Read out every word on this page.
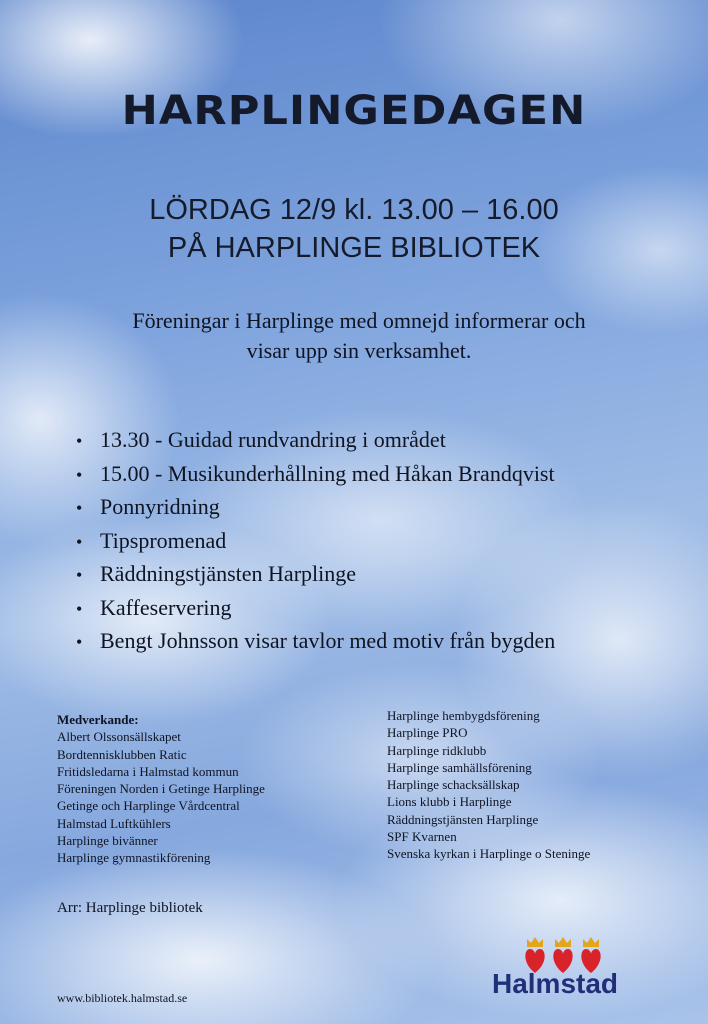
HARPLINGEDAGEN
LÖRDAG 12/9 kl. 13.00 – 16.00
PÅ HARPLINGE BIBLIOTEK
Föreningar i Harplinge med omnejd informerar och
visar upp sin verksamhet.
• 13.30 - Guidad rundvandring i området
• 15.00 - Musikunderhållning med Håkan Brandqvist
• Ponnyridning
• Tipspromenad
• Räddningstjänsten Harplinge
• Kaffeservering
• Bengt Johnsson visar tavlor med motiv från bygden
Medverkande:
Albert Olssonsällskapet
Bordtennisklubben Ratic
Fritidsledarna i Halmstad kommun
Föreningen Norden i Getinge Harplinge
Getinge och Harplinge Vårdcentral
Halmstad Luftkühlers
Harplinge bivänner
Harplinge gymnastikförening
Harplinge hembygdsförening
Harplinge PRO
Harplinge ridklubb
Harplinge samhällsförening
Harplinge schacksällskap
Lions klubb i Harplinge
Räddningstjänsten Harplinge
SPF Kvarnen
Svenska kyrkan i Harplinge o Steninge
Arr: Harplinge bibliotek
www.bibliotek.halmstad.se	Halmstad
